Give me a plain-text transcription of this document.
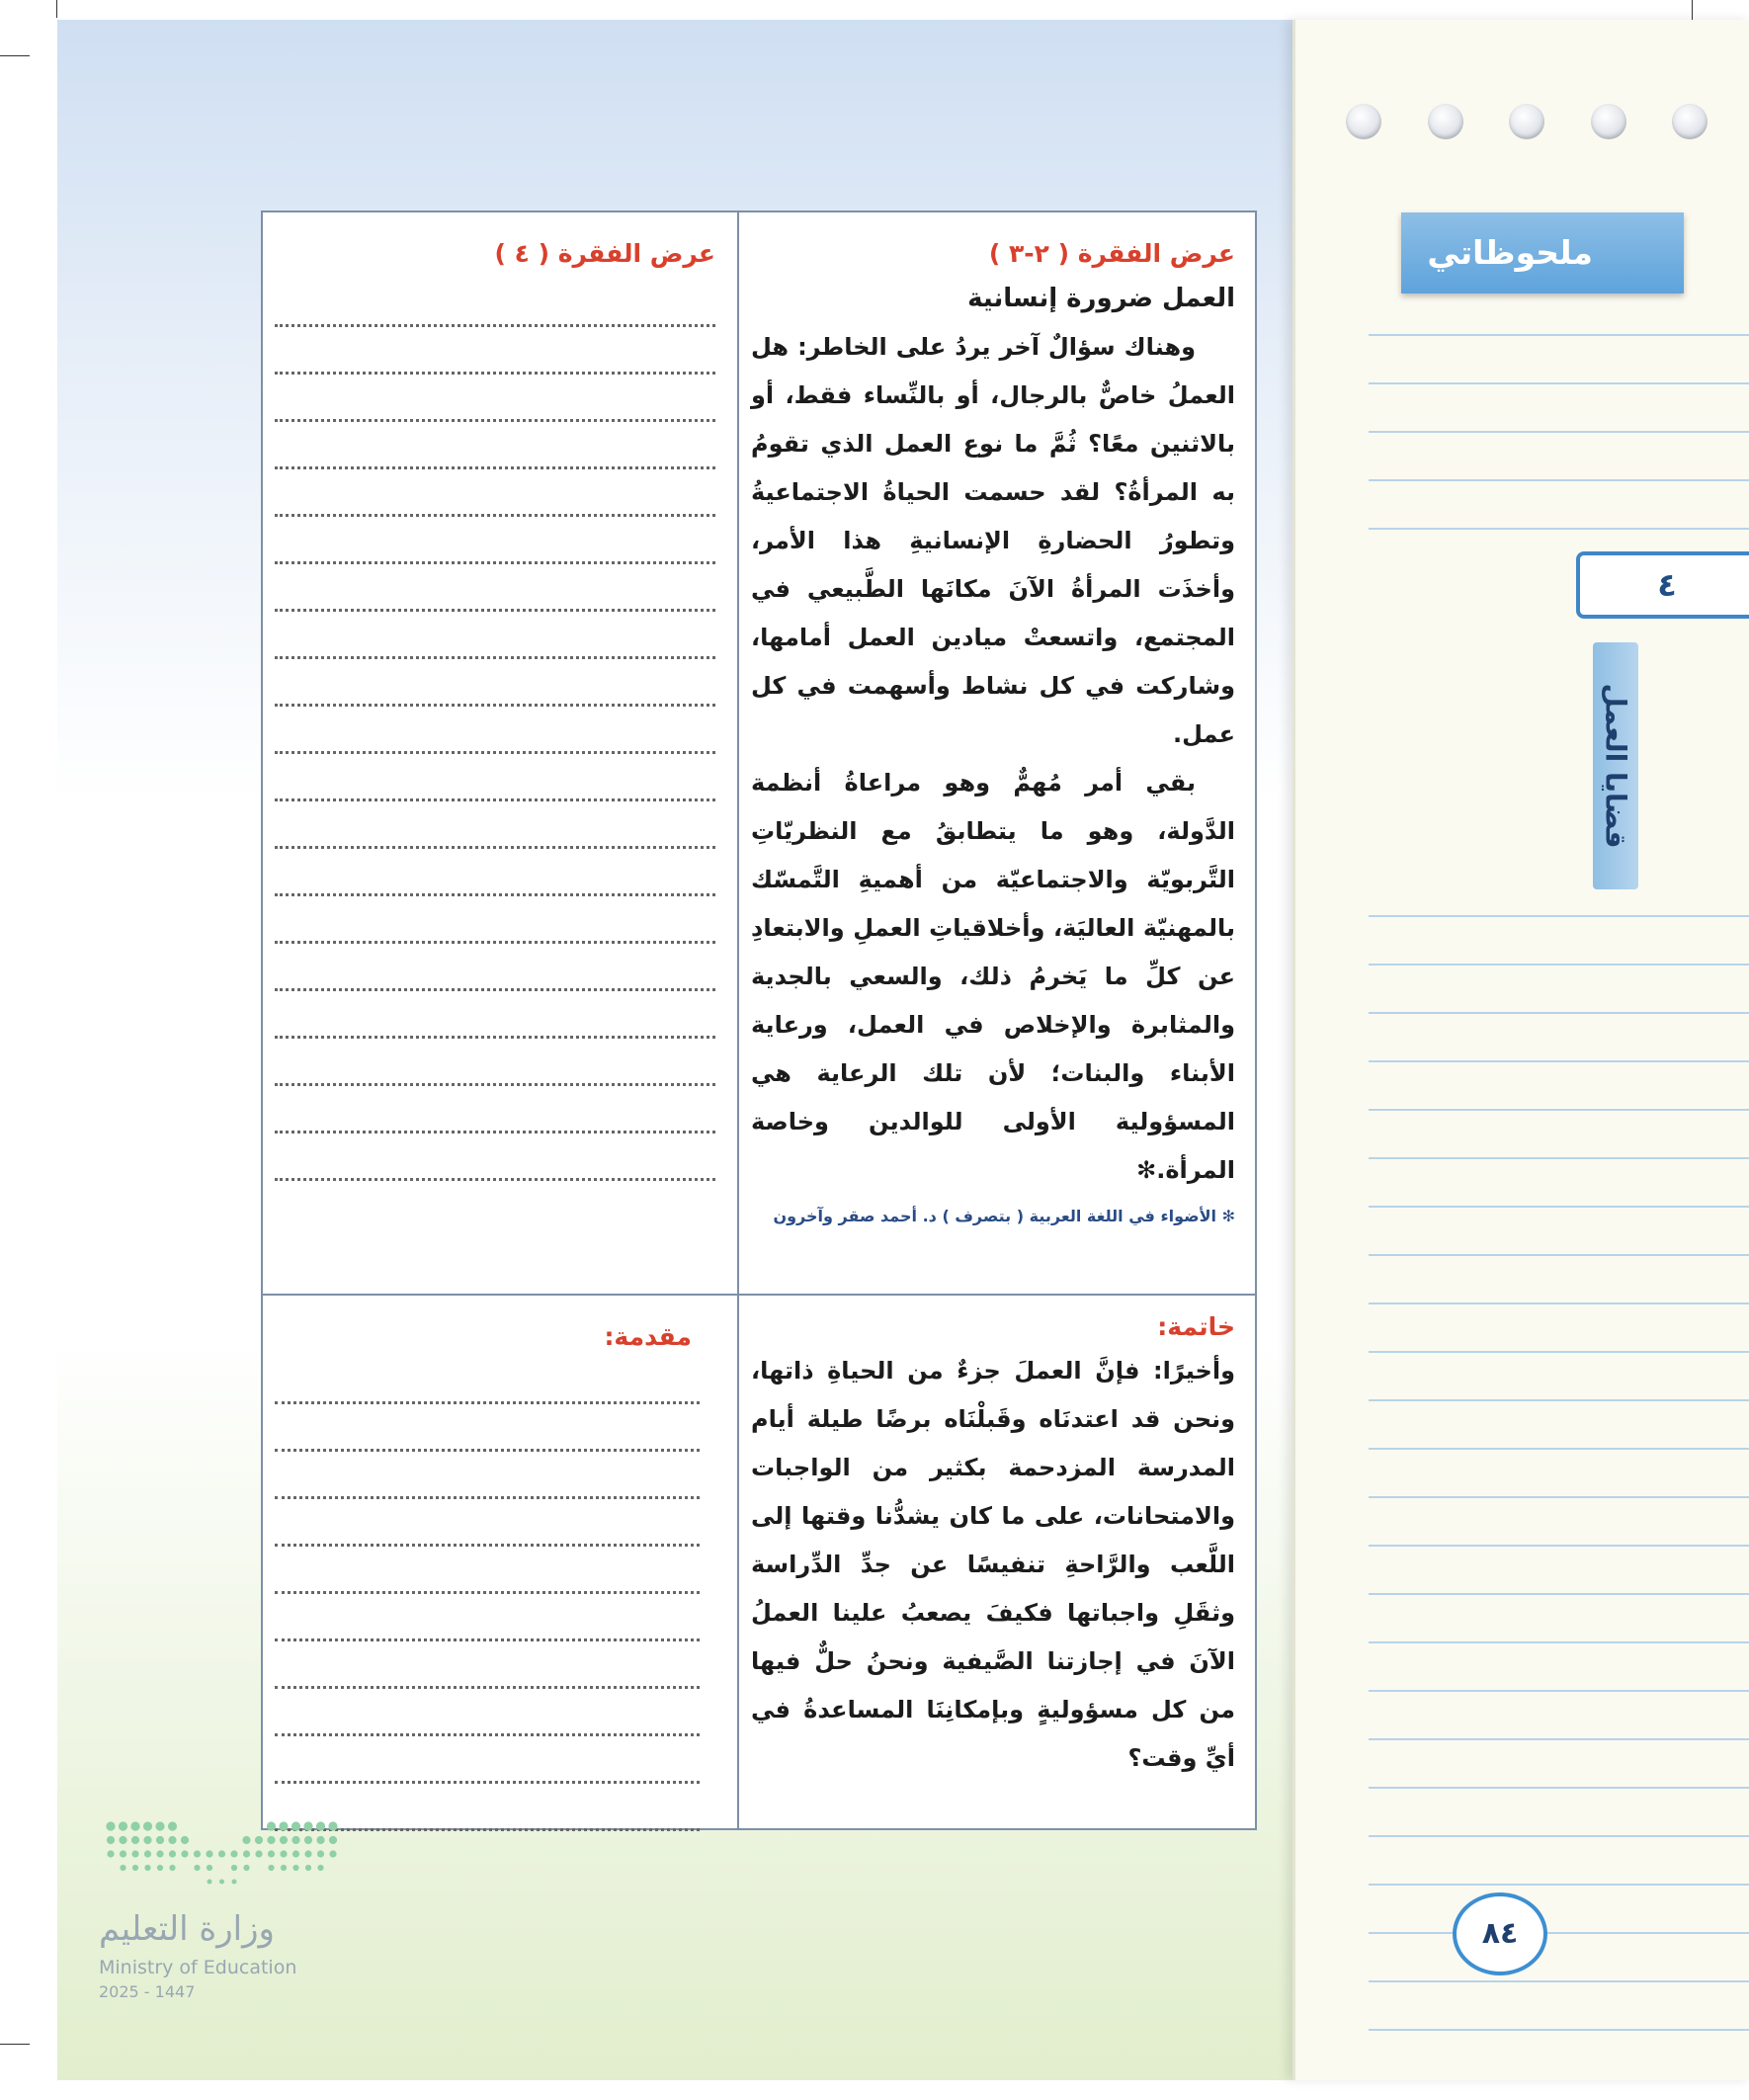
ملحوظاتي
٤
قضايا العمل
٨٤
عرض الفقرة ( ٢-٣ )
العمل ضرورة إنسانية

وهناك سؤالٌ آخر يردُ على الخاطر: هل العملُ خاصٌّ بالرجال، أو بالنِّساء فقط، أو بالاثنين معًا؟ ثُمَّ ما نوع العمل الذي تقومُ به المرأةُ؟ لقد حسمت الحياةُ الاجتماعيةُ وتطورُ الحضارةِ الإنسانيةِ هذا الأمر، وأخذَت المرأةُ الآنَ مكانَها الطَّبيعي في المجتمع، واتسعتْ ميادين العمل أمامها، وشاركت في كل نشاط وأسهمت في كل عمل.

بقي أمر مُهمٌّ وهو مراعاةُ أنظمة الدَّولة، وهو ما يتطابقُ مع النظريّاتِ التَّربويّة والاجتماعيّة من أهميةِ التَّمسّك بالمهنيّة العاليَة، وأخلاقياتِ العملِ والابتعادِ عن كلِّ ما يَخرمُ ذلك، والسعي بالجدية والمثابرة والإخلاص في العمل، ورعاية الأبناء والبنات؛ لأن تلك الرعاية هي المسؤولية الأولى للوالدين وخاصة المرأة.✻

✻ الأضواء في اللغة العربية ( بتصرف ) د. أحمد صقر وآخرون
عرض الفقرة ( ٤ )
خاتمة:

وأخيرًا: فإنَّ العملَ جزءٌ من الحياةِ ذاتها، ونحن قد اعتدنَاه وقَبلْنَاه برضًا طيلة أيام المدرسة المزدحمة بكثير من الواجبات والامتحانات، على ما كان يشدُّنا وقتها إلى اللَّعب والرَّاحةِ تنفيسًا عن جدِّ الدِّراسة وثقَلِ واجباتها فكيفَ يصعبُ علينا العملُ الآنَ في إجازتنا الصَّيفية ونحنُ حلٌّ فيها من كل مسؤوليةٍ وبإمكانِنَا المساعدةُ في أيِّ وقت؟

مقدمة:
وزارة التعليم
Ministry of Education
2025 - 1447
